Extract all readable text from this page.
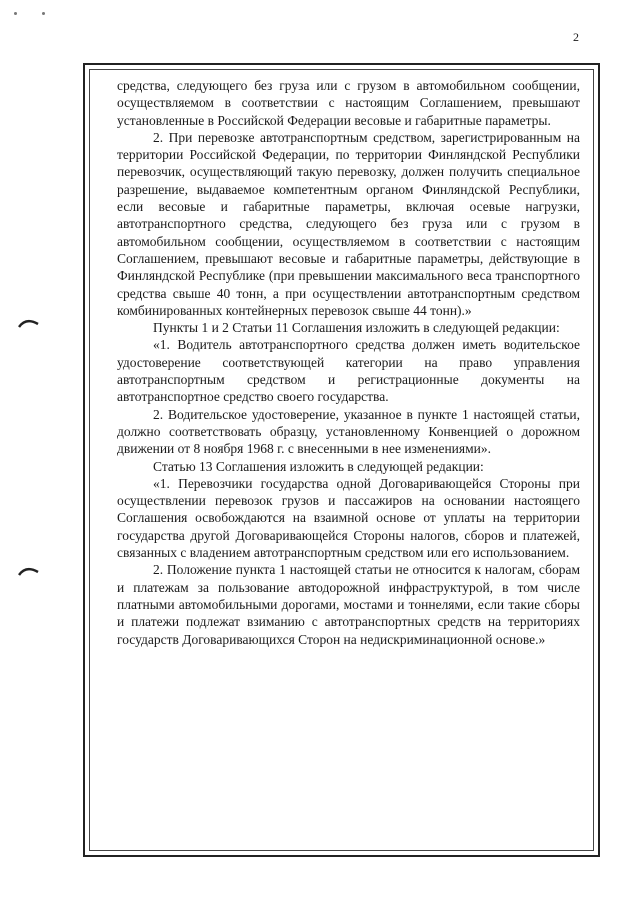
2

средства, следующего без груза или с грузом в автомобильном сообщении, осуществляемом в соответствии с настоящим Соглашением, превышают установленные в Российской Федерации весовые и габаритные параметры.

2. При перевозке автотранспортным средством, зарегистрированным на территории Российской Федерации, по территории Финляндской Республики перевозчик, осуществляющий такую перевозку, должен получить специальное разрешение, выдаваемое компетентным органом Финляндской Республики, если весовые и габаритные параметры, включая осевые нагрузки, автотранспортного средства, следующего без груза или с грузом в автомобильном сообщении, осуществляемом в соответствии с настоящим Соглашением, превышают весовые и габаритные параметры, действующие в Финляндской Республике (при превышении максимального веса транспортного средства свыше 40 тонн, а при осуществлении автотранспортным средством комбинированных контейнерных перевозок свыше 44 тонн).»

Пункты 1 и 2 Статьи 11 Соглашения изложить в следующей редакции:

«1. Водитель автотранспортного средства должен иметь водительское удостоверение соответствующей категории на право управления автотранспортным средством и регистрационные документы на автотранспортное средство своего государства.

2. Водительское удостоверение, указанное в пункте 1 настоящей статьи, должно соответствовать образцу, установленному Конвенцией о дорожном движении от 8 ноября 1968 г. с внесенными в нее изменениями».

Статью 13 Соглашения изложить в следующей редакции:

«1. Перевозчики государства одной Договаривающейся Стороны при осуществлении перевозок грузов и пассажиров на основании настоящего Соглашения освобождаются на взаимной основе от уплаты на территории государства другой Договаривающейся Стороны налогов, сборов и платежей, связанных с владением автотранспортным средством или его использованием.

2. Положение пункта 1 настоящей статьи не относится к налогам, сборам и платежам за пользование автодорожной инфраструктурой, в том числе платными автомобильными дорогами, мостами и тоннелями, если такие сборы и платежи подлежат взиманию с автотранспортных средств на территориях государств Договаривающихся Сторон на недискриминационной основе.»
